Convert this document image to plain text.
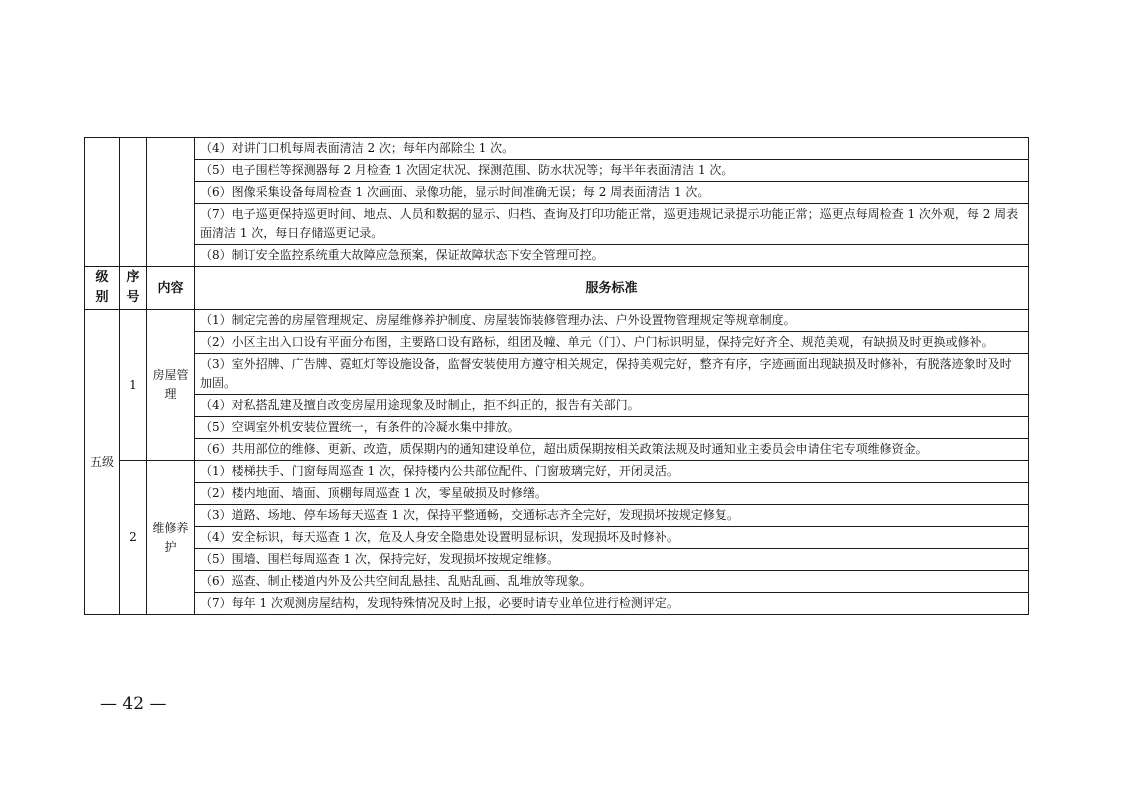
			（4）对讲门口机每周表面清洁 2 次；每年内部除尘 1 次。
			（5）电子围栏等探测器每 2 月检查 1 次固定状况、探测范围、防水状况等；每半年表面清洁 1 次。
			（6）图像采集设备每周检查 1 次画面、录像功能，显示时间准确无误；每 2 周表面清洁 1 次。
			（7）电子巡更保持巡更时间、地点、人员和数据的显示、归档、查询及打印功能正常，巡更违规记录提示功能正常；巡更点每周检查 1 次外观，每 2 周表面清洁 1 次，每日存储巡更记录。
			（8）制订安全监控系统重大故障应急预案，保证故障状态下安全管理可控。
级别	序号	内容	服务标准
五级	1	房屋管理	（1）制定完善的房屋管理规定、房屋维修养护制度、房屋装饰装修管理办法、户外设置物管理规定等规章制度。
			（2）小区主出入口设有平面分布图，主要路口设有路标，组团及幢、单元（门）、户门标识明显，保持完好齐全、规范美观，有缺损及时更换或修补。
			（3）室外招牌、广告牌、霓虹灯等设施设备，监督安装使用方遵守相关规定，保持美观完好，整齐有序，字迹画面出现缺损及时修补，有脱落迹象时及时加固。
			（4）对私搭乱建及擅自改变房屋用途现象及时制止，拒不纠正的，报告有关部门。
			（5）空调室外机安装位置统一，有条件的冷凝水集中排放。
			（6）共用部位的维修、更新、改造，质保期内的通知建设单位，超出质保期按相关政策法规及时通知业主委员会申请住宅专项维修资金。
	2	维修养护	（1）楼梯扶手、门窗每周巡查 1 次，保持楼内公共部位配件、门窗玻璃完好，开闭灵活。
			（2）楼内地面、墙面、顶棚每周巡查 1 次，零星破损及时修缮。
			（3）道路、场地、停车场每天巡查 1 次，保持平整通畅，交通标志齐全完好，发现损坏按规定修复。
			（4）安全标识，每天巡查 1 次，危及人身安全隐患处设置明显标识，发现损坏及时修补。
			（5）围墙、围栏每周巡查 1 次，保持完好，发现损坏按规定维修。
			（6）巡查、制止楼道内外及公共空间乱悬挂、乱贴乱画、乱堆放等现象。
			（7）每年 1 次观测房屋结构，发现特殊情况及时上报，必要时请专业单位进行检测评定。
— 42 —
